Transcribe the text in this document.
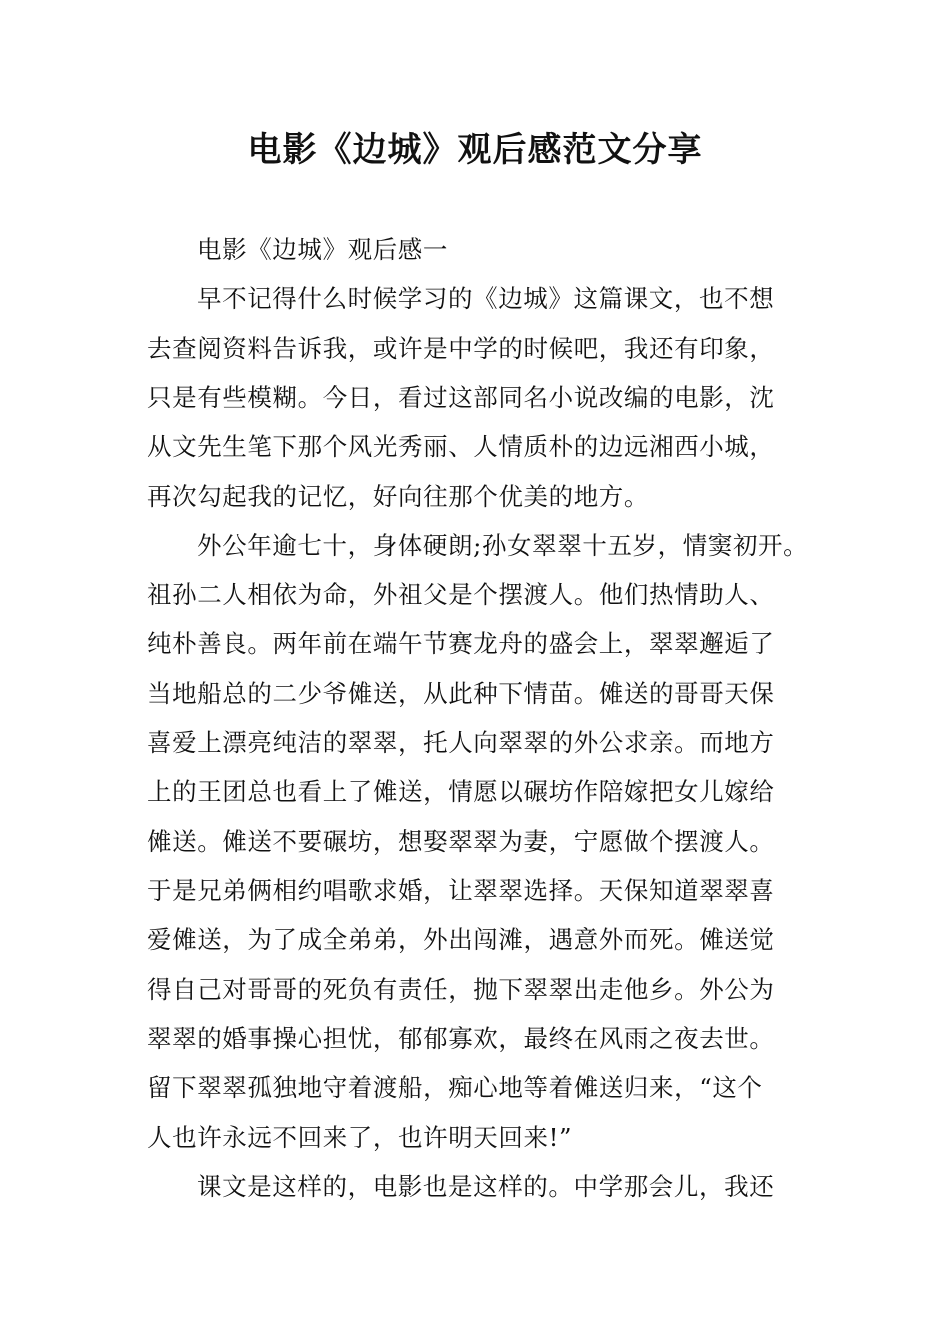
电影《边城》观后感范文分享
电影《边城》观后感一
早不记得什么时候学习的《边城》这篇课文，也不想
去查阅资料告诉我，或许是中学的时候吧，我还有印象，
只是有些模糊。今日，看过这部同名小说改编的电影，沈
从文先生笔下那个风光秀丽、人情质朴的边远湘西小城，
再次勾起我的记忆，好向往那个优美的地方。
外公年逾七十，身体硬朗;孙女翠翠十五岁，情窦初开。
祖孙二人相依为命，外祖父是个摆渡人。他们热情助人、
纯朴善良。两年前在端午节赛龙舟的盛会上，翠翠邂逅了
当地船总的二少爷傩送，从此种下情苗。傩送的哥哥天保
喜爱上漂亮纯洁的翠翠，托人向翠翠的外公求亲。而地方
上的王团总也看上了傩送，情愿以碾坊作陪嫁把女儿嫁给
傩送。傩送不要碾坊，想娶翠翠为妻，宁愿做个摆渡人。
于是兄弟俩相约唱歌求婚，让翠翠选择。天保知道翠翠喜
爱傩送，为了成全弟弟，外出闯滩，遇意外而死。傩送觉
得自己对哥哥的死负有责任，抛下翠翠出走他乡。外公为
翠翠的婚事操心担忧，郁郁寡欢，最终在风雨之夜去世。
留下翠翠孤独地守着渡船，痴心地等着傩送归来，“这个
人也许永远不回来了，也许明天回来!”
课文是这样的，电影也是这样的。中学那会儿，我还
